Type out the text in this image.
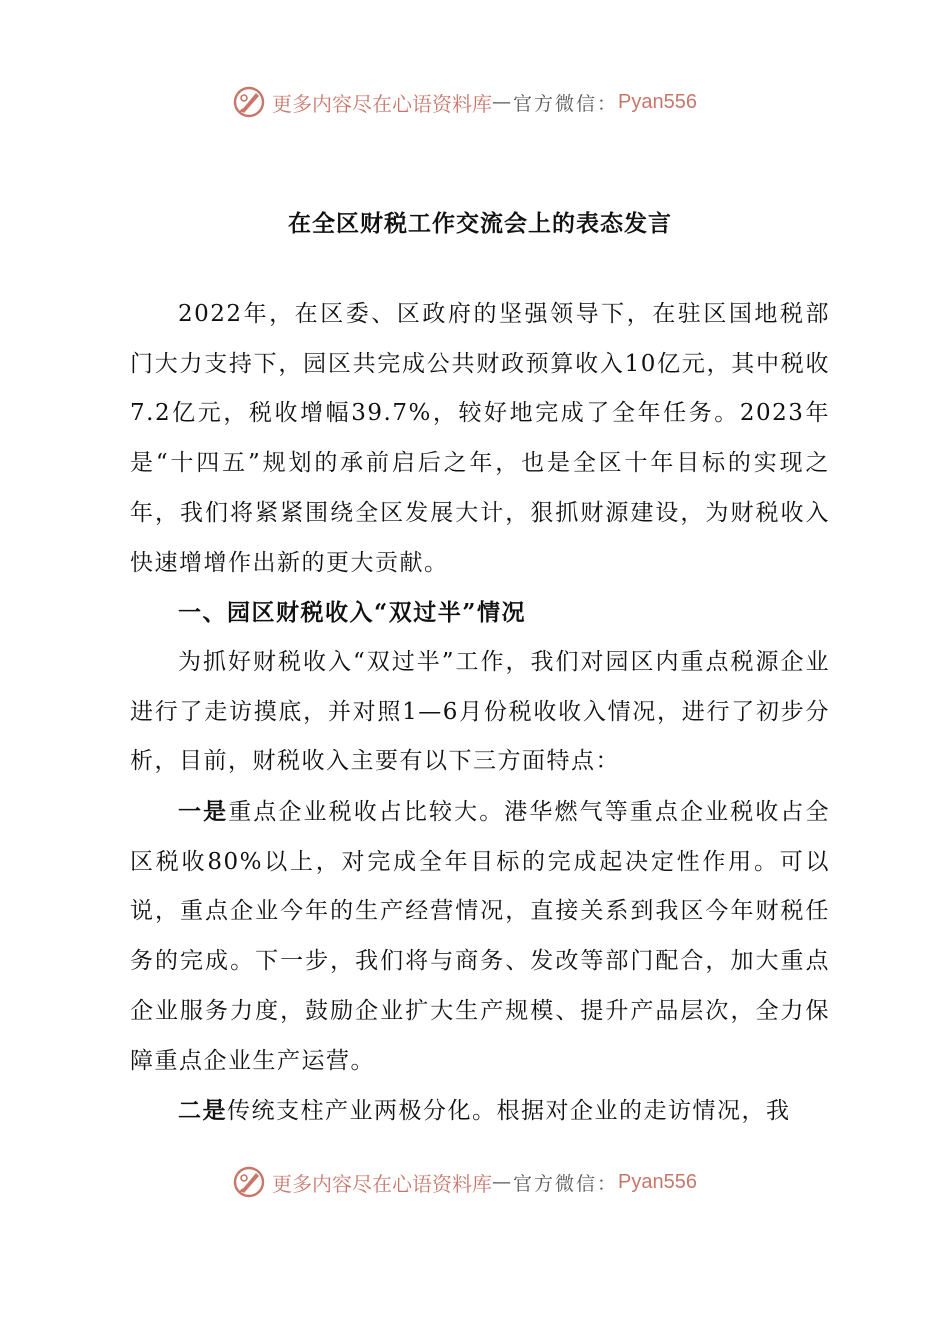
更多内容尽在心语资料库 — 官方微信： Pyan556
在全区财税工作交流会上的表态发言

2022年，在区委、区政府的坚强领导下，在驻区国地税部门大力支持下，园区共完成公共财政预算收入10亿元，其中税收7.2亿元，税收增幅39.7%，较好地完成了全年任务。2023年是“十四五”规划的承前启后之年，也是全区十年目标的实现之年，我们将紧紧围绕全区发展大计，狠抓财源建设，为财税收入快速增增作出新的更大贡献。

一、园区财税收入“双过半”情况

为抓好财税收入“双过半”工作，我们对园区内重点税源企业进行了走访摸底，并对照1—6月份税收收入情况，进行了初步分析，目前，财税收入主要有以下三方面特点：

一是重点企业税收占比较大。港华燃气等重点企业税收占全区税收80%以上，对完成全年目标的完成起决定性作用。可以说，重点企业今年的生产经营情况，直接关系到我区今年财税任务的完成。下一步，我们将与商务、发改等部门配合，加大重点企业服务力度，鼓励企业扩大生产规模、提升产品层次，全力保障重点企业生产运营。

二是传统支柱产业两极分化。根据对企业的走访情况，我

更多内容尽在心语资料库 — 官方微信： Pyan556
